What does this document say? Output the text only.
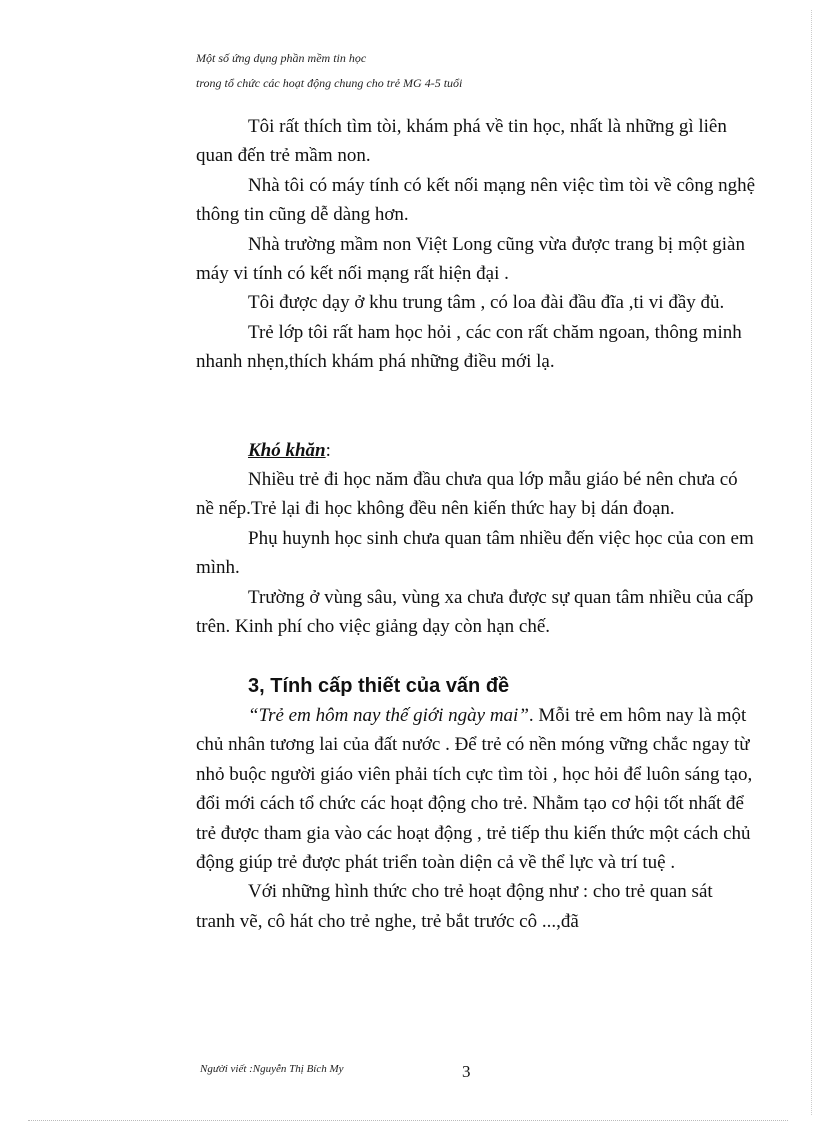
Một số ứng dụng phần mềm tin học
trong tổ chức các hoạt động chung cho trẻ MG 4-5 tuổi

Tôi rất thích tìm tòi, khám phá về tin học, nhất là những gì liên quan đến trẻ mầm non.

Nhà tôi có máy tính có kết nối mạng nên việc tìm tòi về công nghệ thông tin cũng dễ dàng hơn.

Nhà trường mầm non Việt Long cũng vừa được trang bị một giàn máy vi tính có kết nối mạng rất hiện đại .

Tôi được dạy ở khu trung tâm , có loa đài đầu đĩa ,ti vi đầy đủ.

Trẻ lớp tôi rất ham học hỏi , các con rất chăm ngoan, thông minh nhanh nhẹn,thích khám phá những điều mới lạ.

Khó khăn:

Nhiều trẻ đi học năm đầu chưa qua lớp mẫu giáo bé nên chưa có nề nếp.Trẻ lại đi học không đều nên kiến thức hay bị dán đoạn.

Phụ huynh học sinh chưa quan tâm nhiều đến việc học của con em mình.

Trường ở vùng sâu, vùng xa chưa được sự quan tâm nhiều của cấp trên. Kinh phí cho việc giảng dạy còn hạn chế.

3, Tính cấp thiết của vấn đề

“Trẻ em hôm nay thế giới ngày mai”. Mỗi trẻ em hôm nay là một chủ nhân tương lai của đất nước . Để trẻ có nền móng vững chắc ngay từ nhỏ buộc người giáo viên phải tích cực tìm tòi , học hỏi để luôn sáng tạo, đổi mới cách tổ chức các hoạt động cho trẻ. Nhằm tạo cơ hội tốt nhất để trẻ được tham gia vào các hoạt động , trẻ tiếp thu kiến thức một cách chủ động giúp trẻ được phát triển toàn diện cả về thể lực và trí tuệ .

Với những hình thức cho trẻ hoạt động như : cho trẻ quan sát tranh vẽ, cô hát cho trẻ nghe, trẻ bắt trước cô ...,đã

Người viết :Nguyễn Thị Bích My	3
